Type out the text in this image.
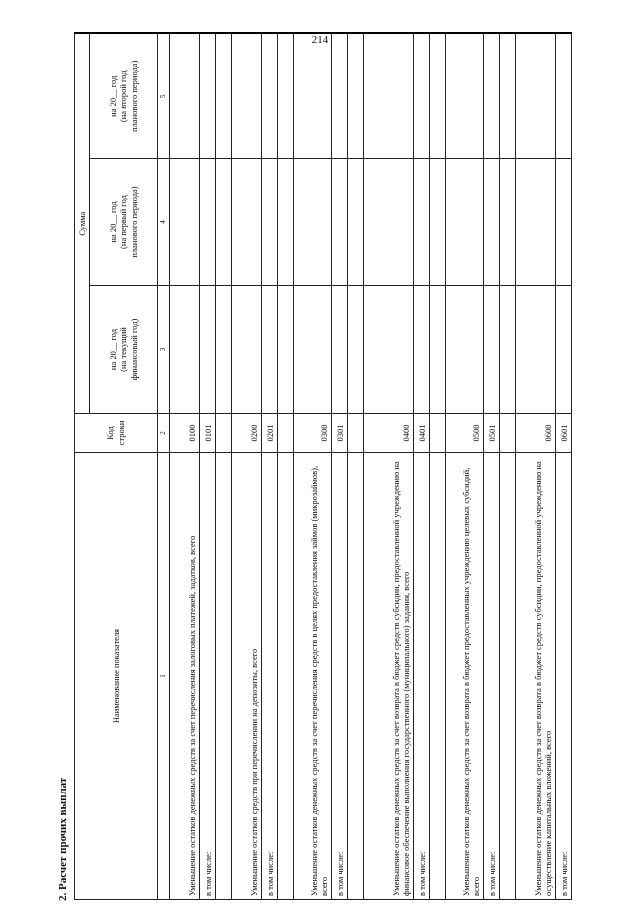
214
2. Расчет прочих выплат
Наименование показателя	Код строки	Сумма		

		на 20__ год (на текущий финансовый год)	на 20__ год (на первый год планового периода)	на 20__ год (на второй год планового периода)

1	2	3	4	5
Уменьшение остатков денежных средств за счет перечисления залоговых платежей, задатков, всего	0100			
в том числе:	0101			

Уменьшение остатков средств при перечислении на депозиты, всего	0200			
в том числе:	0201			

Уменьшение остатков денежных средств за счет перечисления средств в целях предоставления займов (микрозаймов), всего	0300			
в том числе:	0301			

Уменьшение остатков денежных средств за счет возврата в бюджет средств субсидии, предоставленной учреждению на финансовое обеспечение выполнения государственного (муниципального) задания, всего	0400			
в том числе:	0401			

Уменьшение остатков денежных средств за счет возврата в бюджет предоставленных учреждению целевых субсидий, всего	0500			
в том числе:	0501			

Уменьшение остатков денежных средств за счет возврата в бюджет средств субсидии, предоставленной учреждению на осуществление капитальных вложений, всего	0600			
в том числе:	0601			
